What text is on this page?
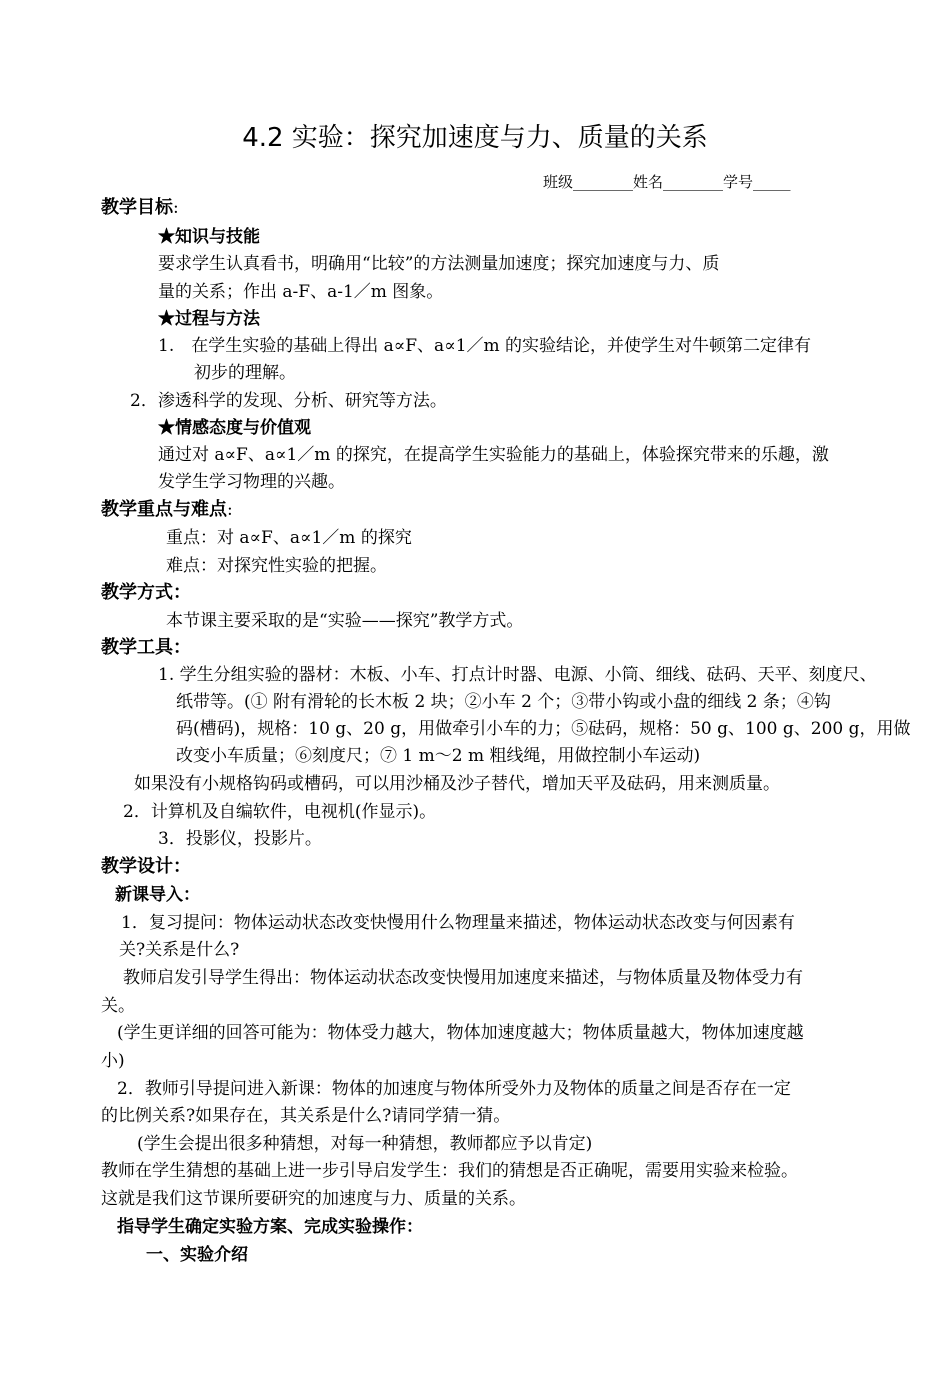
4.2 实验：探究加速度与力、质量的关系
班级________姓名________学号_____
教学目标:
★知识与技能
要求学生认真看书，明确用“比较”的方法测量加速度；探究加速度与力、质
量的关系；作出 a-F、a-1／m 图象。
★过程与方法
1.　在学生实验的基础上得出 a∝F、a∝1／m 的实验结论，并使学生对牛顿第二定律有
初步的理解。
2．渗透科学的发现、分析、研究等方法。
★情感态度与价值观
通过对 a∝F、a∝1／m 的探究，在提高学生实验能力的基础上，体验探究带来的乐趣，激
发学生学习物理的兴趣。
教学重点与难点:
重点：对 a∝F、a∝1／m 的探究
难点：对探究性实验的把握。
教学方式：
本节课主要采取的是“实验——探究”教学方式。
教学工具：
1. 学生分组实验的器材：木板、小车、打点计时器、电源、小筒、细线、砝码、天平、刻度尺、
纸带等。(① 附有滑轮的长木板 2 块；②小车 2 个；③带小钩或小盘的细线 2 条；④钩
码(槽码)，规格：10 g、20 g，用做牵引小车的力；⑤砝码，规格：50 g、100 g、200 g，用做
改变小车质量；⑥刻度尺；⑦ 1 m～2 m 粗线绳，用做控制小车运动)
如果没有小规格钩码或槽码，可以用沙桶及沙子替代，增加天平及砝码，用来测质量。
2．计算机及自编软件，电视机(作显示)。
3．投影仪，投影片。
教学设计：
新课导入：
1．复习提问：物体运动状态改变快慢用什么物理量来描述，物体运动状态改变与何因素有
关?关系是什么?
教师启发引导学生得出：物体运动状态改变快慢用加速度来描述，与物体质量及物体受力有
关。
(学生更详细的回答可能为：物体受力越大，物体加速度越大；物体质量越大，物体加速度越
小)
2．教师引导提问进入新课：物体的加速度与物体所受外力及物体的质量之间是否存在一定
的比例关系?如果存在，其关系是什么?请同学猜一猜。
(学生会提出很多种猜想，对每一种猜想，教师都应予以肯定)
教师在学生猜想的基础上进一步引导启发学生：我们的猜想是否正确呢，需要用实验来检验。
这就是我们这节课所要研究的加速度与力、质量的关系。
指导学生确定实验方案、完成实验操作：
一、实验介绍
